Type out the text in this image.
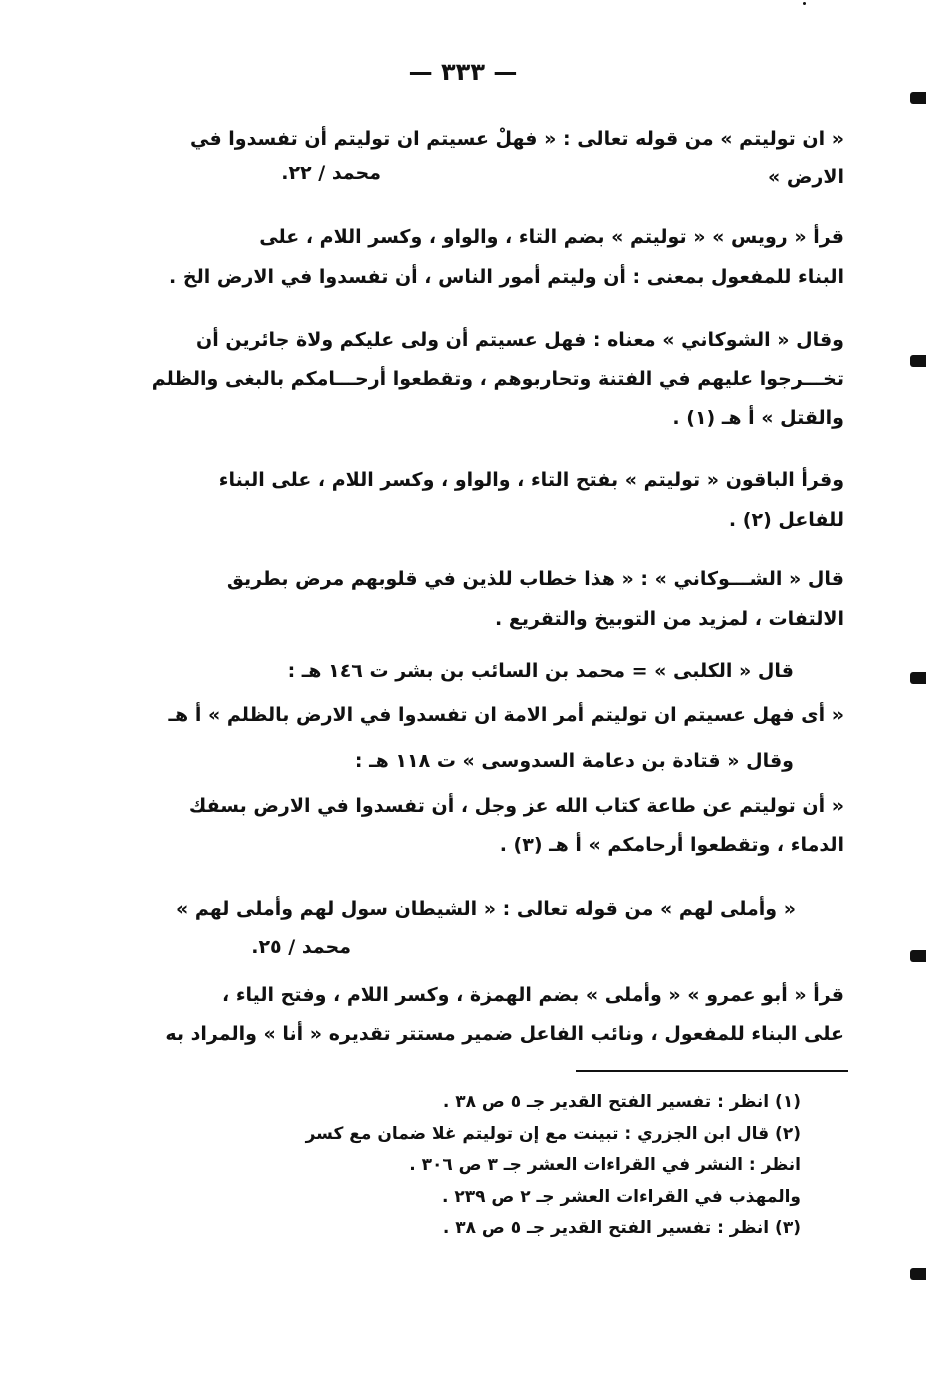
— ٣٣٣ —
« ان توليتم » من قوله تعالى : « فهلْ عسيتم ان توليتم أن تفسدوا في
الارض »
محمد / ٢٢.
قرأ « رويس » « توليتم » بضم التاء ، والواو ، وكسر اللام ، على
البناء للمفعول بمعنى : أن وليتم أمور الناس ، أن تفسدوا في الارض الخ .
وقال « الشوكاني » معناه : فهل عسيتم أن ولى عليكم ولاة جائرين أن
تخـــرجوا عليهم في الفتنة وتحاربوهم ، وتقطعوا أرحـــامكم بالبغى والظلم
والقتل » أ هـ (١) .
وقرأ الباقون « توليتم » بفتح التاء ، والواو ، وكسر اللام ، على البناء
للفاعل (٢) .
قال « الشـــوكاني » : « هذا خطاب للذين في قلوبهم مرض بطريق
الالتفات ، لمزيد من التوبيخ والتقريع .
قال « الكلبى » = محمد بن السائب بن بشر ت ١٤٦ هـ :
« أى فهل عسيتم ان توليتم أمر الامة ان تفسدوا في الارض بالظلم » أ هـ
وقال « قتادة بن دعامة السدوسى » ت ١١٨ هـ :
« أن توليتم عن طاعة كتاب الله عز وجل ، أن تفسدوا في الارض بسفك
الدماء ، وتقطعوا أرحامكم » أ هـ (٣) .
« وأملى لهم » من قوله تعالى : « الشيطان سول لهم وأملى لهم »
محمد / ٢٥.
قرأ « أبو عمرو » « وأملى » بضم الهمزة ، وكسر اللام ، وفتح الياء ،
على البناء للمفعول ، ونائب الفاعل ضمير مستتر تقديره « أنا » والمراد به
(١) انظر : تفسير الفتح القدير جـ ٥ ص ٣٨ .
(٢) قال ابن الجزري : تبينت مع إن توليتم غلا ضمان مع كسر
انظر : النشر في القراءات العشر جـ ٣ ص ٣٠٦ .
والمهذب في القراءات العشر جـ ٢ ص ٢٣٩ .
(٣) انظر : تفسير الفتح القدير جـ ٥ ص ٣٨ .
